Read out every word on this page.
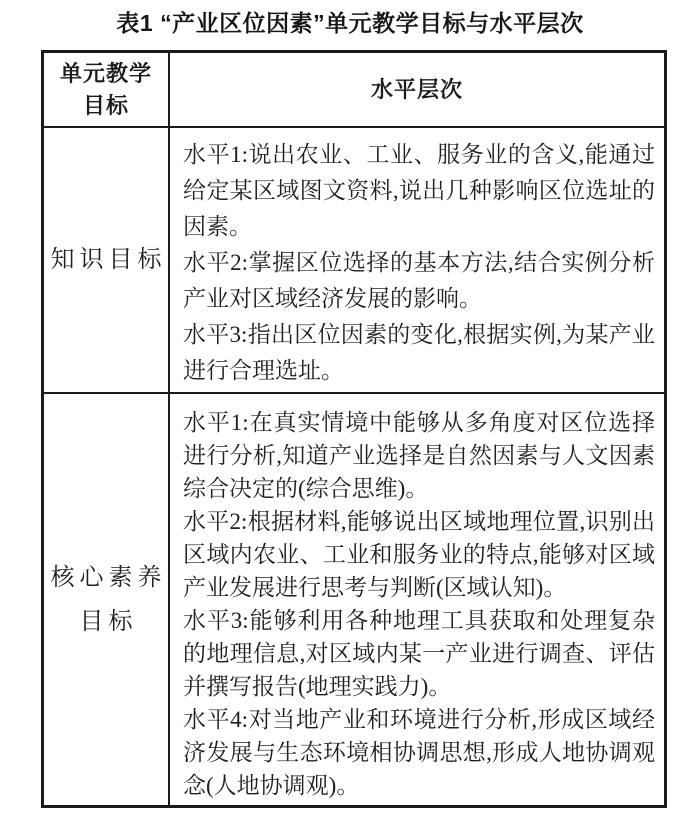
表1 “产业区位因素”单元教学目标与水平层次
单元教学
目标
水平层次
知识目标

水平1:说出农业、工业、服务业的含义,能通过给定某区域图文资料,说出几种影响区位选址的因素。

水平2:掌握区位选择的基本方法,结合实例分析产业对区域经济发展的影响。

水平3:指出区位因素的变化,根据实例,为某产业进行合理选址。

核心素养
目标

水平1:在真实情境中能够从多角度对区位选择进行分析,知道产业选择是自然因素与人文因素综合决定的(综合思维)。

水平2:根据材料,能够说出区域地理位置,识别出区域内农业、工业和服务业的特点,能够对区域产业发展进行思考与判断(区域认知)。

水平3:能够利用各种地理工具获取和处理复杂的地理信息,对区域内某一产业进行调查、评估并撰写报告(地理实践力)。

水平4:对当地产业和环境进行分析,形成区域经济发展与生态环境相协调思想,形成人地协调观念(人地协调观)。
